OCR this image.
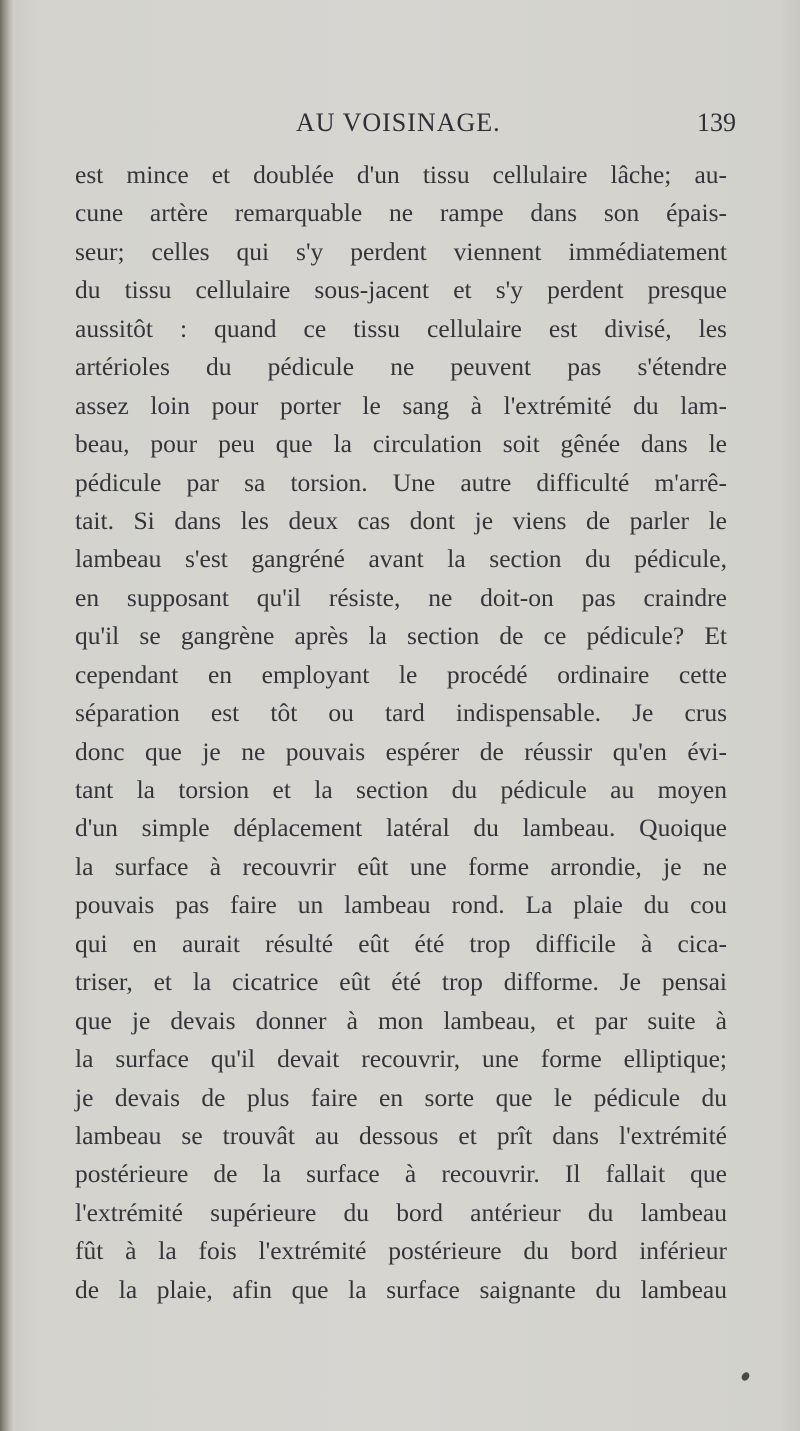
AU VOISINAGE.	139
est mince et doublée d'un tissu cellulaire lâche; au-
cune artère remarquable ne rampe dans son épais-
seur; celles qui s'y perdent viennent immédiatement
du tissu cellulaire sous-jacent et s'y perdent presque
aussitôt : quand ce tissu cellulaire est divisé, les
artérioles du pédicule ne peuvent pas s'étendre
assez loin pour porter le sang à l'extrémité du lam-
beau, pour peu que la circulation soit gênée dans le
pédicule par sa torsion. Une autre difficulté m'arrê-
tait. Si dans les deux cas dont je viens de parler le
lambeau s'est gangréné avant la section du pédicule,
en supposant qu'il résiste, ne doit-on pas craindre
qu'il se gangrène après la section de ce pédicule? Et
cependant en employant le procédé ordinaire cette
séparation est tôt ou tard indispensable. Je crus
donc que je ne pouvais espérer de réussir qu'en évi-
tant la torsion et la section du pédicule au moyen
d'un simple déplacement latéral du lambeau. Quoique
la surface à recouvrir eût une forme arrondie, je ne
pouvais pas faire un lambeau rond. La plaie du cou
qui en aurait résulté eût été trop difficile à cica-
triser, et la cicatrice eût été trop difforme. Je pensai
que je devais donner à mon lambeau, et par suite à
la surface qu'il devait recouvrir, une forme elliptique;
je devais de plus faire en sorte que le pédicule du
lambeau se trouvât au dessous et prît dans l'extrémité
postérieure de la surface à recouvrir. Il fallait que
l'extrémité supérieure du bord antérieur du lambeau
fût à la fois l'extrémité postérieure du bord inférieur
de la plaie, afin que la surface saignante du lambeau
